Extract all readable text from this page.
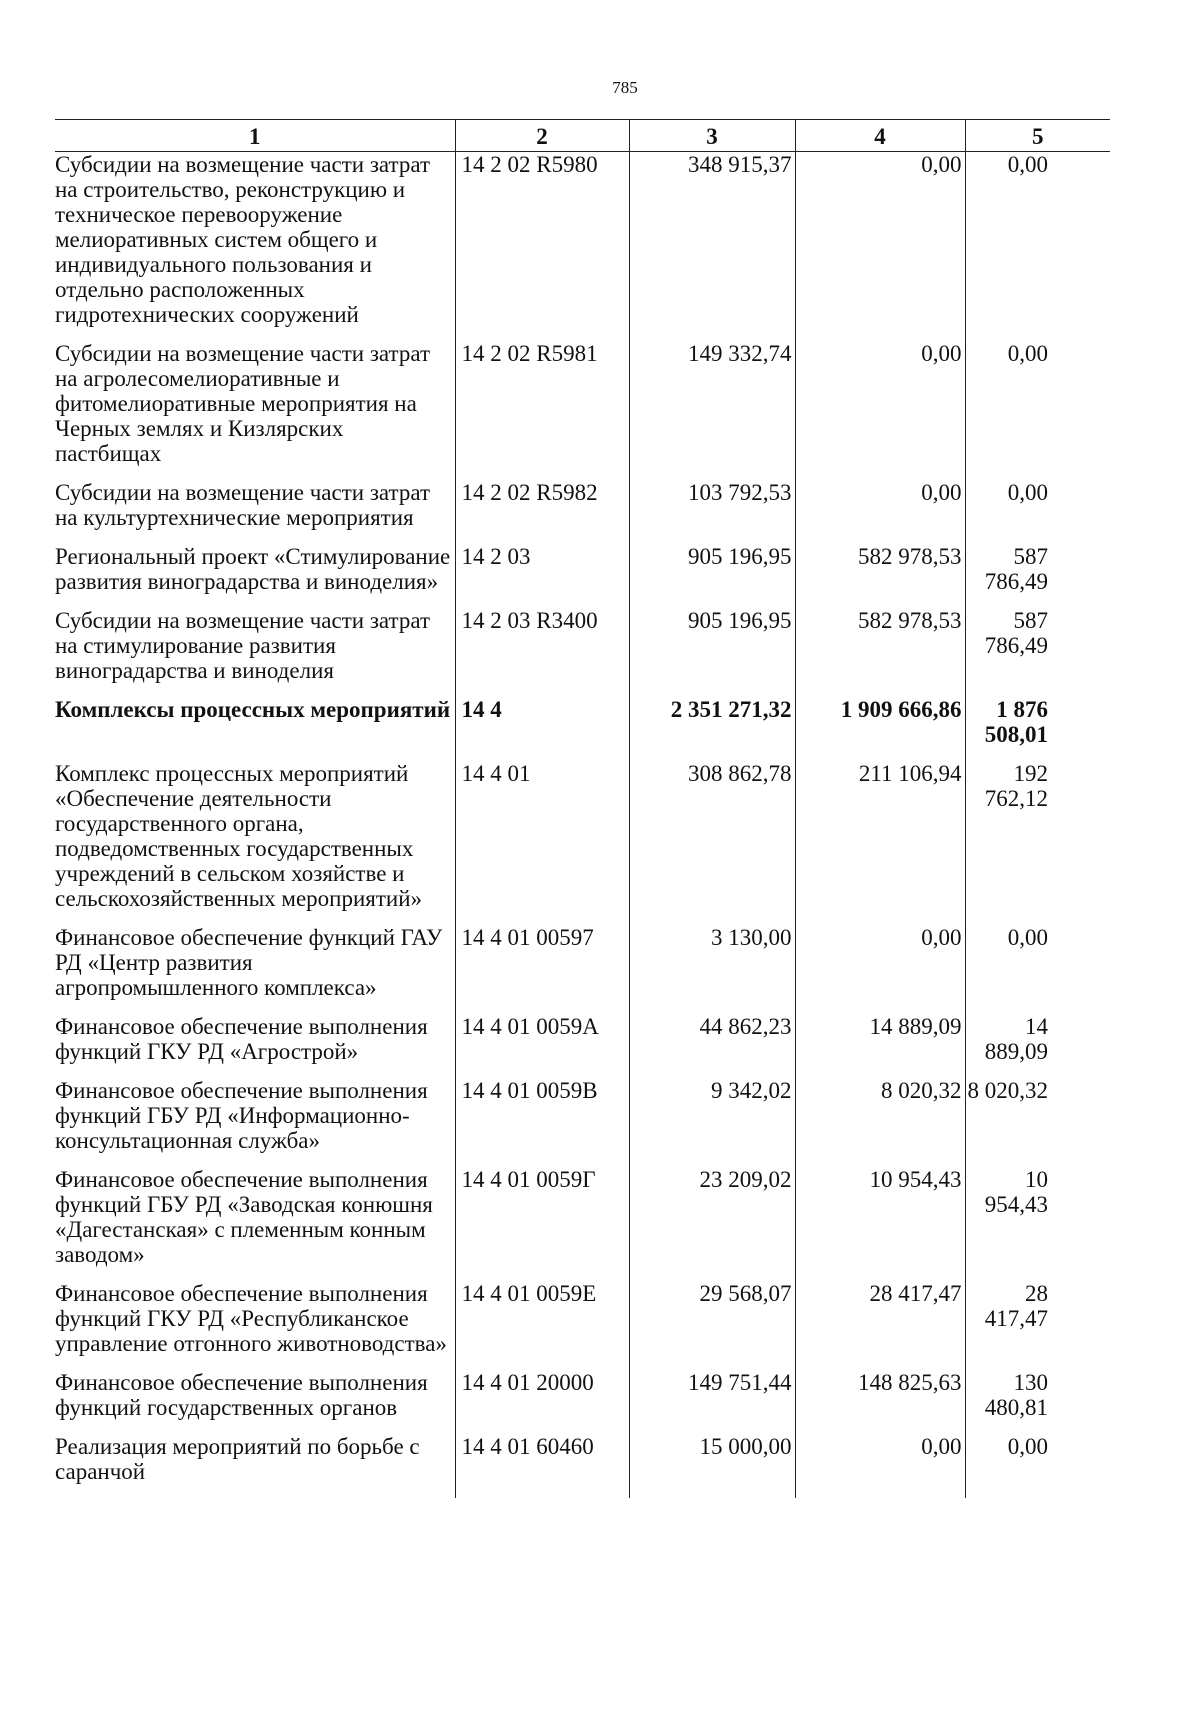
785
1	2	3	4	5
Субсидии на возмещение части затрат на строительство, реконструкцию и техническое перевооружение мелиоративных систем общего и индивидуального пользования и отдельно расположенных гидротехнических сооружений	14 2 02 R5980	348 915,37	0,00	0,00
Субсидии на возмещение части затрат на агролесомелиоративные и фитомелиоративные мероприятия на Черных землях и Кизлярских пастбищах	14 2 02 R5981	149 332,74	0,00	0,00
Субсидии на возмещение части затрат на культуртехнические мероприятия	14 2 02 R5982	103 792,53	0,00	0,00
Региональный проект «Стимулирование развития виноградарства и виноделия»	14 2 03	905 196,95	582 978,53	587 786,49
Субсидии на возмещение части затрат на стимулирование развития виноградарства и виноделия	14 2 03 R3400	905 196,95	582 978,53	587 786,49
Комплексы процессных мероприятий	14 4	2 351 271,32	1 909 666,86	1 876 508,01
Комплекс процессных мероприятий «Обеспечение деятельности государственного органа, подведомственных государственных учреждений в сельском хозяйстве и сельскохозяйственных мероприятий»	14 4 01	308 862,78	211 106,94	192 762,12
Финансовое обеспечение функций ГАУ РД «Центр развития агропромышленного комплекса»	14 4 01 00597	3 130,00	0,00	0,00
Финансовое обеспечение выполнения функций ГКУ РД «Агрострой»	14 4 01 0059А	44 862,23	14 889,09	14 889,09
Финансовое обеспечение выполнения функций ГБУ РД «Информационно-консультационная служба»	14 4 01 0059В	9 342,02	8 020,32	8 020,32
Финансовое обеспечение выполнения функций ГБУ РД «Заводская конюшня «Дагестанская» с племенным конным заводом»	14 4 01 0059Г	23 209,02	10 954,43	10 954,43
Финансовое обеспечение выполнения функций ГКУ РД «Республиканское управление отгонного животноводства»	14 4 01 0059Е	29 568,07	28 417,47	28 417,47
Финансовое обеспечение выполнения функций государственных органов	14 4 01 20000	149 751,44	148 825,63	130 480,81
Реализация мероприятий по борьбе с саранчой	14 4 01 60460	15 000,00	0,00	0,00
